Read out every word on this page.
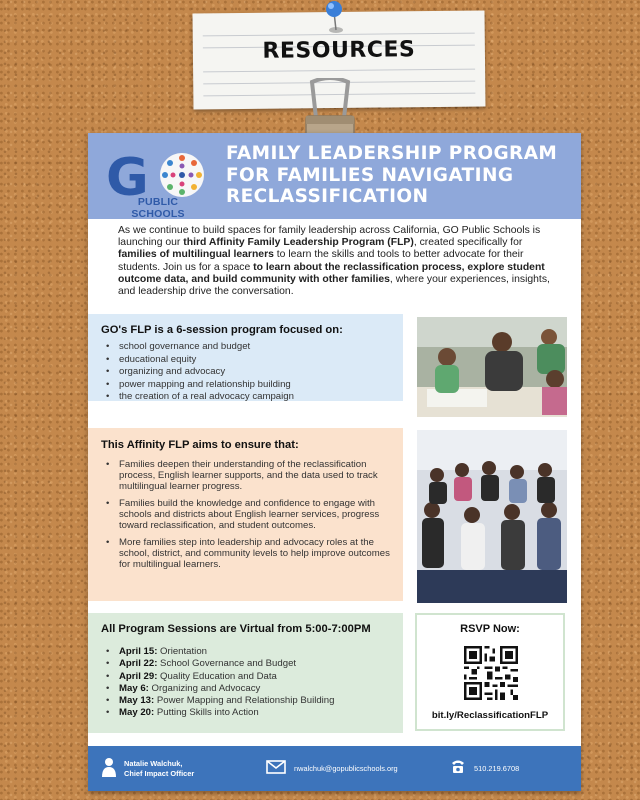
RESOURCES
G
PUBLIC SCHOOLS
FAMILY LEADERSHIP PROGRAM
FOR FAMILIES NAVIGATING
RECLASSIFICATION
As we continue to build spaces for family leadership across California, GO Public Schools is launching our third Affinity Family Leadership Program (FLP), created specifically for families of multilingual learners to learn the skills and tools to better advocate for their students. Join us for a space to learn about the reclassification process, explore student outcome data, and build community with other families, where your experiences, insights, and leadership drive the conversation.
GO's FLP is a 6-session program focused on:
• school governance and budget
• educational equity
• organizing and advocacy
• power mapping and relationship building
• the creation of a real advocacy campaign
This Affinity FLP aims to ensure that:
• Families deepen their understanding of the reclassification process, English learner supports, and the data used to track multilingual learner progress.
• Families build the knowledge and confidence to engage with schools and districts about English learner services, progress toward reclassification, and student outcomes.
• More families step into leadership and advocacy roles at the school, district, and community levels to help improve outcomes for multilingual learners.
All Program Sessions are Virtual from 5:00-7:00PM
• April 15: Orientation
• April 22: School Governance and Budget
• April 29: Quality Education and Data
• May 6: Organizing and Advocacy
• May 13: Power Mapping and Relationship Building
• May 20: Putting Skills into Action
RSVP Now:
bit.ly/ReclassificationFLP
Natalie Walchuk,
Chief Impact Officer
nwalchuk@gopublicschools.org	510.219.6708
